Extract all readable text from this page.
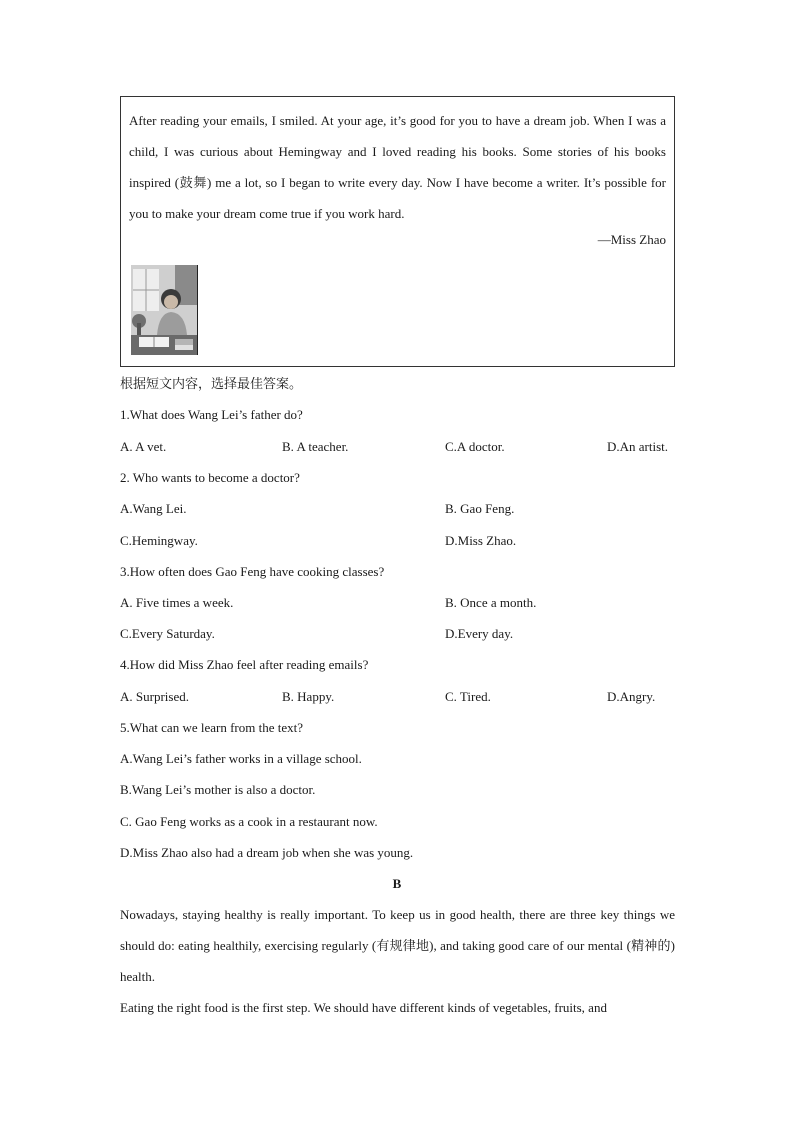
After reading your emails, I smiled. At your age, it’s good for you to have a dream job. When I was a child, I was curious about Hemingway and I loved reading his books. Some stories of his books inspired (鼓舞) me a lot, so I began to write every day. Now I have become a writer. It’s possible for you to make your dream come true if you work hard.
—Miss Zhao
根据短文内容，选择最佳答案。
1.What does Wang Lei’s father do?
A. A vet.	B. A teacher.	C.A doctor.	D.An artist.
2. Who wants to become a doctor?
A.Wang Lei.	B. Gao Feng.
C.Hemingway.	D.Miss Zhao.
3.How often does Gao Feng have cooking classes?
A. Five times a week.	B. Once a month.
C.Every Saturday.	D.Every day.
4.How did Miss Zhao feel after reading emails?
A. Surprised.	B. Happy.	C. Tired.	D.Angry.
5.What can we learn from the text?
A.Wang Lei’s father works in a village school.
B.Wang Lei’s mother is also a doctor.
C. Gao Feng works as a cook in a restaurant now.
D.Miss Zhao also had a dream job when she was young.
B
Nowadays, staying healthy is really important. To keep us in good health, there are three key things we should do: eating healthily, exercising regularly (有规律地), and taking good care of our mental (精神的) health.
Eating the right food is the first step. We should have different kinds of vegetables, fruits, and
